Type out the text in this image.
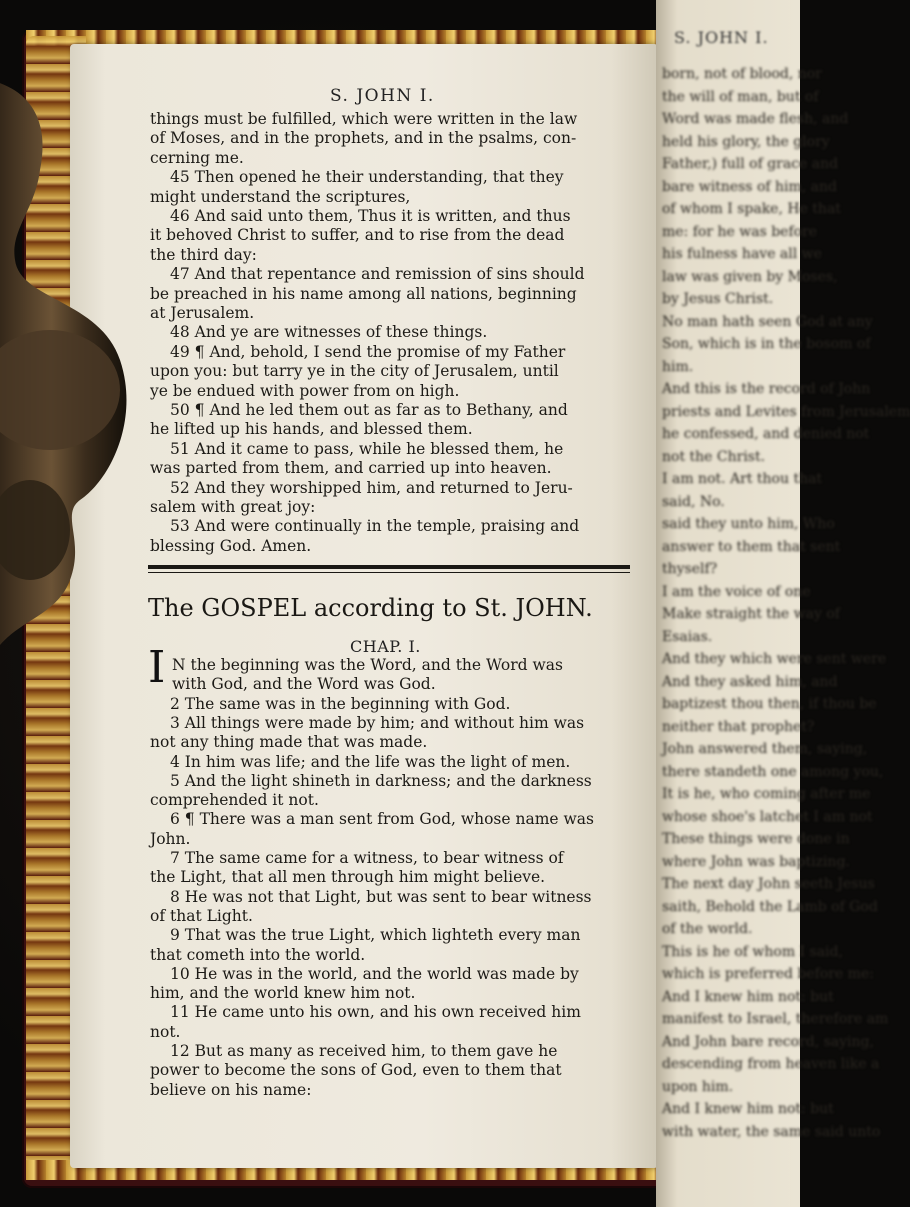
S. JOHN I.
born, not of blood, nor
the will of man, but of
Word was made flesh, and
held his glory, the glory
Father,) full of grace and
bare witness of him, and
of whom I spake, He that
me: for he was before
his fulness have all we
law was given by Moses,
by Jesus Christ.
No man hath seen God at any
Son, which is in the bosom of
him.
And this is the record of John
priests and Levites from Jerusalem
he confessed, and denied not
not the Christ.
I am not. Art thou that
said, No.
said they unto him, Who
answer to them that sent
thyself?
I am the voice of one
Make straight the way of
Esaias.
And they which were sent were
And they asked him, and
baptizest thou then, if thou be
neither that prophet?
John answered them, saying,
there standeth one among you,
It is he, who coming after me
whose shoe's latchet I am not
These things were done in
where John was baptizing.
The next day John seeth Jesus
saith, Behold the Lamb of God
of the world.
This is he of whom I said,
which is preferred before me:
And I knew him not: but
manifest to Israel, therefore am
And John bare record, saying,
descending from heaven like a
upon him.
And I knew him not: but
with water, the same said unto
S. JOHN I.
things must be fulfilled, which were written in the law
of Moses, and in the prophets, and in the psalms, con-
cerning me.
45 Then opened he their understanding, that they
might understand the scriptures,
46 And said unto them, Thus it is written, and thus
it behoved Christ to suffer, and to rise from the dead
the third day:
47 And that repentance and remission of sins should
be preached in his name among all nations, beginning
at Jerusalem.
48 And ye are witnesses of these things.
49 ¶ And, behold, I send the promise of my Father
upon you: but tarry ye in the city of Jerusalem, until
ye be endued with power from on high.
50 ¶ And he led them out as far as to Bethany, and
he lifted up his hands, and blessed them.
51 And it came to pass, while he blessed them, he
was parted from them, and carried up into heaven.
52 And they worshipped him, and returned to Jeru-
salem with great joy:
53 And were continually in the temple, praising and
blessing God. Amen.
The GOSPEL according to St. JOHN.
CHAP. I.
I N the beginning was the Word, and the Word was
with God, and the Word was God.
2 The same was in the beginning with God.
3 All things were made by him; and without him was
not any thing made that was made.
4 In him was life; and the life was the light of men.
5 And the light shineth in darkness; and the darkness
comprehended it not.
6 ¶ There was a man sent from God, whose name was
John.
7 The same came for a witness, to bear witness of
the Light, that all men through him might believe.
8 He was not that Light, but was sent to bear witness
of that Light.
9 That was the true Light, which lighteth every man
that cometh into the world.
10 He was in the world, and the world was made by
him, and the world knew him not.
11 He came unto his own, and his own received him
not.
12 But as many as received him, to them gave he
power to become the sons of God, even to them that
believe on his name:
